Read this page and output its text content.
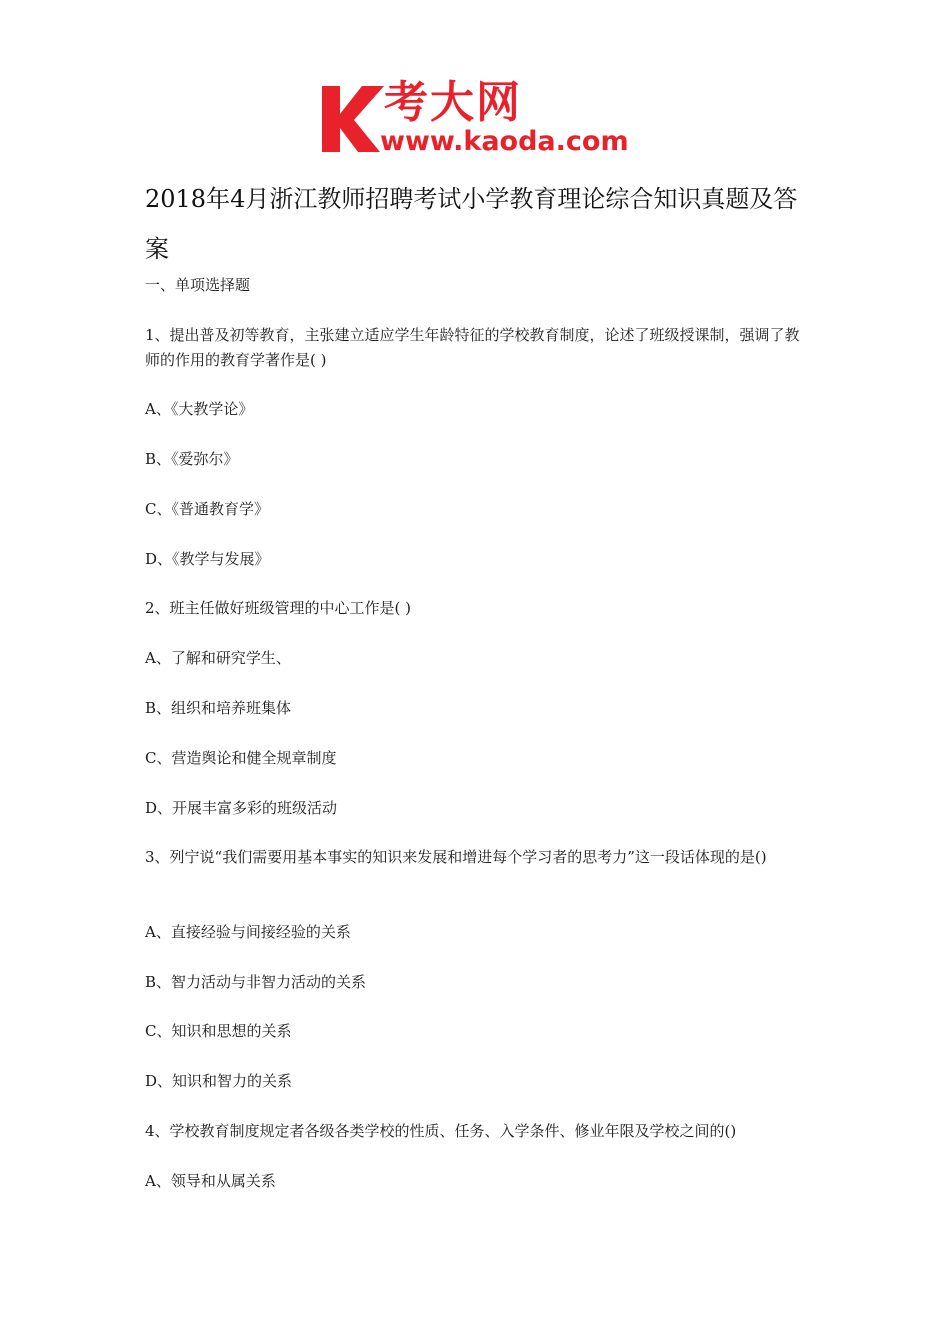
考大网
www.kaoda.com
2018年4月浙江教师招聘考试小学教育理论综合知识真题及答案
一、单项选择题
1、提出普及初等教育，主张建立适应学生年龄特征的学校教育制度，论述了班级授课制，强调了教师的作用的教育学著作是( )
A、《大教学论》
B、《爱弥尔》
C、《普通教育学》
D、《教学与发展》
2、班主任做好班级管理的中心工作是( )
A、了解和研究学生、
B、组织和培养班集体
C、营造舆论和健全规章制度
D、开展丰富多彩的班级活动
3、列宁说“我们需要用基本事实的知识来发展和增进每个学习者的思考力”这一段话体现的是()
A、直接经验与间接经验的关系
B、智力活动与非智力活动的关系
C、知识和思想的关系
D、知识和智力的关系
4、学校教育制度规定者各级各类学校的性质、任务、入学条件、修业年限及学校之间的()
A、领导和从属关系
